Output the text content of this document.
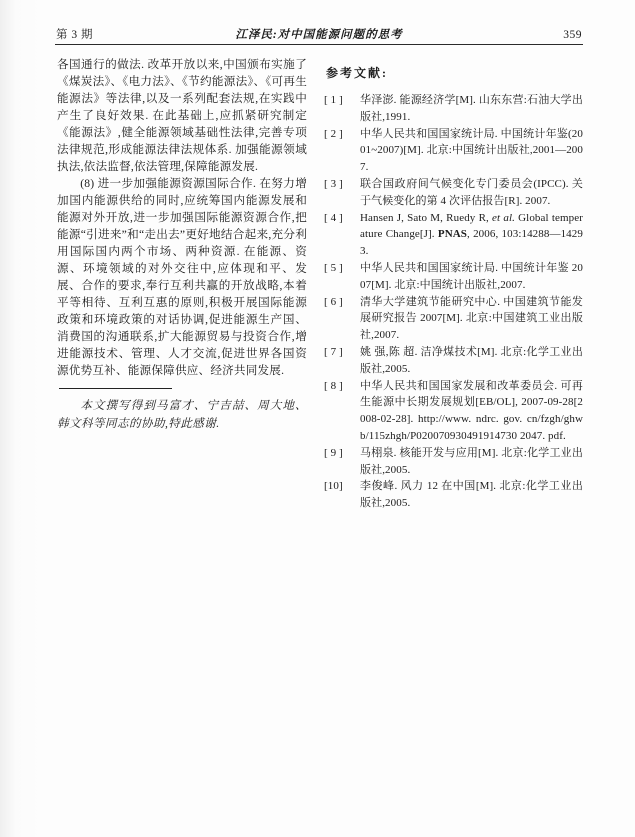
第 3 期	江泽民:对中国能源问题的思考	359

各国通行的做法. 改革开放以来,中国颁布实施了《煤炭法》、《电力法》、《节约能源法》、《可再生能源法》等法律,以及一系列配套法规,在实践中产生了良好效果. 在此基础上,应抓紧研究制定《能源法》,健全能源领域基础性法律,完善专项法律规范,形成能源法律法规体系. 加强能源领域执法,依法监督,依法管理,保障能源发展.

(8) 进一步加强能源资源国际合作. 在努力增加国内能源供给的同时,应统筹国内能源发展和能源对外开放,进一步加强国际能源资源合作,把能源“引进来”和“走出去”更好地结合起来,充分利用国际国内两个市场、两种资源. 在能源、资源、环境领域的对外交往中,应体现和平、发展、合作的要求,奉行互利共赢的开放战略,本着平等相待、互利互惠的原则,积极开展国际能源政策和环境政策的对话协调,促进能源生产国、消费国的沟通联系,扩大能源贸易与投资合作,增进能源技术、管理、人才交流,促进世界各国资源优势互补、能源保障供应、经济共同发展.

本文撰写得到马富才、宁吉喆、周大地、韩文科等同志的协助,特此感谢.

参考文献:
[ 1 ]	华泽澎. 能源经济学[M]. 山东东营:石油大学出版社,1991.
[ 2 ]	中华人民共和国国家统计局. 中国统计年鉴(2001~2007)[M]. 北京:中国统计出版社,2001—2007.
[ 3 ]	联合国政府间气候变化专门委员会(IPCC). 关于气候变化的第 4 次评估报告[R]. 2007.
[ 4 ]	Hansen J, Sato M, Ruedy R, et al. Global temperature Change[J]. PNAS, 2006, 103:14288—14293.
[ 5 ]	中华人民共和国国家统计局. 中国统计年鉴 2007[M]. 北京:中国统计出版社,2007.
[ 6 ]	清华大学建筑节能研究中心. 中国建筑节能发展研究报告 2007[M]. 北京:中国建筑工业出版社,2007.
[ 7 ]	姚 强,陈 超. 洁净煤技术[M]. 北京:化学工业出版社,2005.
[ 8 ]	中华人民共和国国家发展和改革委员会. 可再生能源中长期发展规划[EB/OL], 2007-09-28[2008-02-28]. http://www. ndrc. gov. cn/fzgh/ghwb/115zhgh/P020070930491914730 2047. pdf.
[ 9 ]	马栩泉. 核能开发与应用[M]. 北京:化学工业出版社,2005.
[10]	李俊峰. 风力 12 在中国[M]. 北京:化学工业出版社,2005.
